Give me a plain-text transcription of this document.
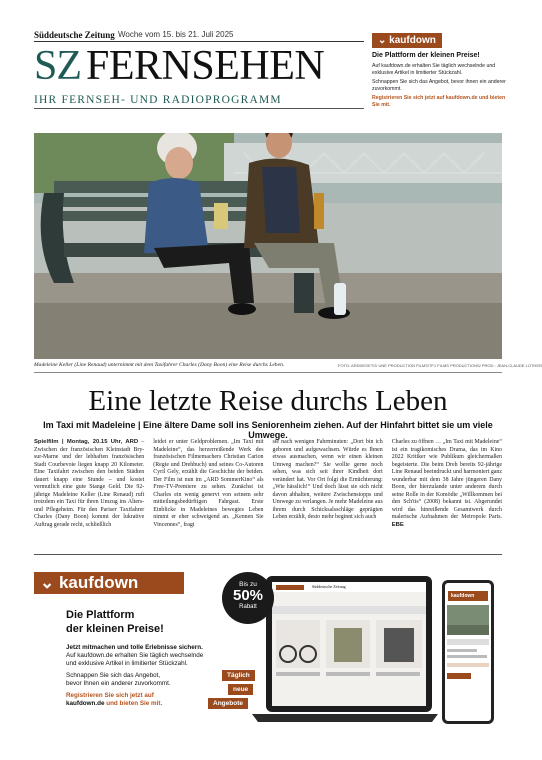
Süddeutsche Zeitung Woche vom 15. bis 21. Juli 2025
SZ FERNSEHEN
IHR FERNSEH- UND RADIOPROGRAMM
⌄ kaufdown
Die Plattform der kleinen Preise!
Auf kaufdown.de erhalten Sie täglich wechselnde und exklusive Artikel in limitierter Stückzahl.
Schnappen Sie sich das Angebot, bevor ihnen ein anderer zuvorkommt.
Registrieren Sie sich jetzt auf kaufdown.de und bieten Sie mit.
Madeleine Keller (Line Renaud) unternimmt mit dem Taxifahrer Charles (Dany Boon) eine Reise durchs Leben.	FOTO: ARDDEGETO/ UNE PRODUCTION FILMS/TF1 FILMS PRODUCTIONS/ PROD.: JEAN-CLAUDE LOTHER
Eine letzte Reise durchs Leben
Im Taxi mit Madeleine | Eine ältere Dame soll ins Seniorenheim ziehen. Auf der Hinfahrt bittet sie um viele Umwege.
Spielfilm | Montag, 20.15 Uhr, ARD – Zwischen der französischen Kleinstadt Bry-sur-Marne und der lebhaften französischen Stadt Courbevoie liegen knapp 20 Kilometer. Eine Taxifahrt zwischen den beiden Städten dauert knapp eine Stunde – und kostet vermutlich eine gute Stange Geld. Die 92-jährige Madeleine Keller (Line Renaud) ruft trotzdem ein Taxi für ihren Umzug ins Alters- und Pflegeheim. Für den Pariser Taxifahrer Charles (Dany Boon) kommt der lukrative Auftrag gerade recht, schließlich
leidet er unter Geldproblemen. „Im Taxi mit Madeleine“, das herzerreißende Werk des französischen Filmemachers Christian Carion (Regie und Drehbuch) und seines Co-Autoren Cyril Gely, erzählt die Geschichte der beiden. Der Film ist nun im „ARD SommerKino“ als Free-TV-Premiere zu sehen. Zunächst ist Charles ein wenig genervt von seinem sehr mitteilungsbedürftigen Fahrgast. Erste Einblicke in Madeleines bewegtes Leben nimmt er eher schweigend an. „Kennen Sie Vincennes“, fragt
sie nach wenigen Fahrminuten: „Dort bin ich geboren und aufgewachsen. Würde es Ihnen etwas ausmachen, wenn wir einen kleinen Umweg machen?“ Sie wollte gerne noch sehen, was sich seit ihrer Kindheit dort verändert hat. Vor Ort folgt die Ernüchterung: „Wie hässlich!“ Und doch lässt sie sich nicht davon abhalten, weitere Zwischenstopps und Umwege zu verlangen. Je mehr Madeleine aus ihrem durch Schicksalsschläge geprägten Leben erzählt, desto mehr beginnt sich auch
Charles zu öffnen … „Im Taxi mit Madeleine“ ist ein tragikomisches Drama, das im Kino 2022 Kritiker wie Publikum gleichermaßen begeisterte. Die beim Dreh bereits 92-jährige Line Renaud beeindruckt und harmoniert ganz wunderbar mit dem 38 Jahre jüngeren Dany Boon, der hierzulande unter anderem durch seine Rolle in der Komödie „Willkommen bei den Sch'tis“ (2008) bekannt ist. Abgerundet wird das hinreißende Gesamtwerk durch malerische Aufnahmen der Metropole Paris. EBE
⌄ kaufdown
Die Plattform
der kleinen Preise!
Jetzt mitmachen und tolle Erlebnisse sichern.
Auf kaufdown.de erhalten Sie täglich wechselnde
und exklusive Artikel in limitierter Stückzahl.
Schnappen Sie sich das Angebot,
bevor Ihnen ein anderer zuvorkommt.
Registrieren Sie sich jetzt auf
kaufdown.de und bieten Sie mit.
Süddeutsche Zeitung
Bis zu
50%
Rabatt
Täglich
neue
Angebote
kaufdown
